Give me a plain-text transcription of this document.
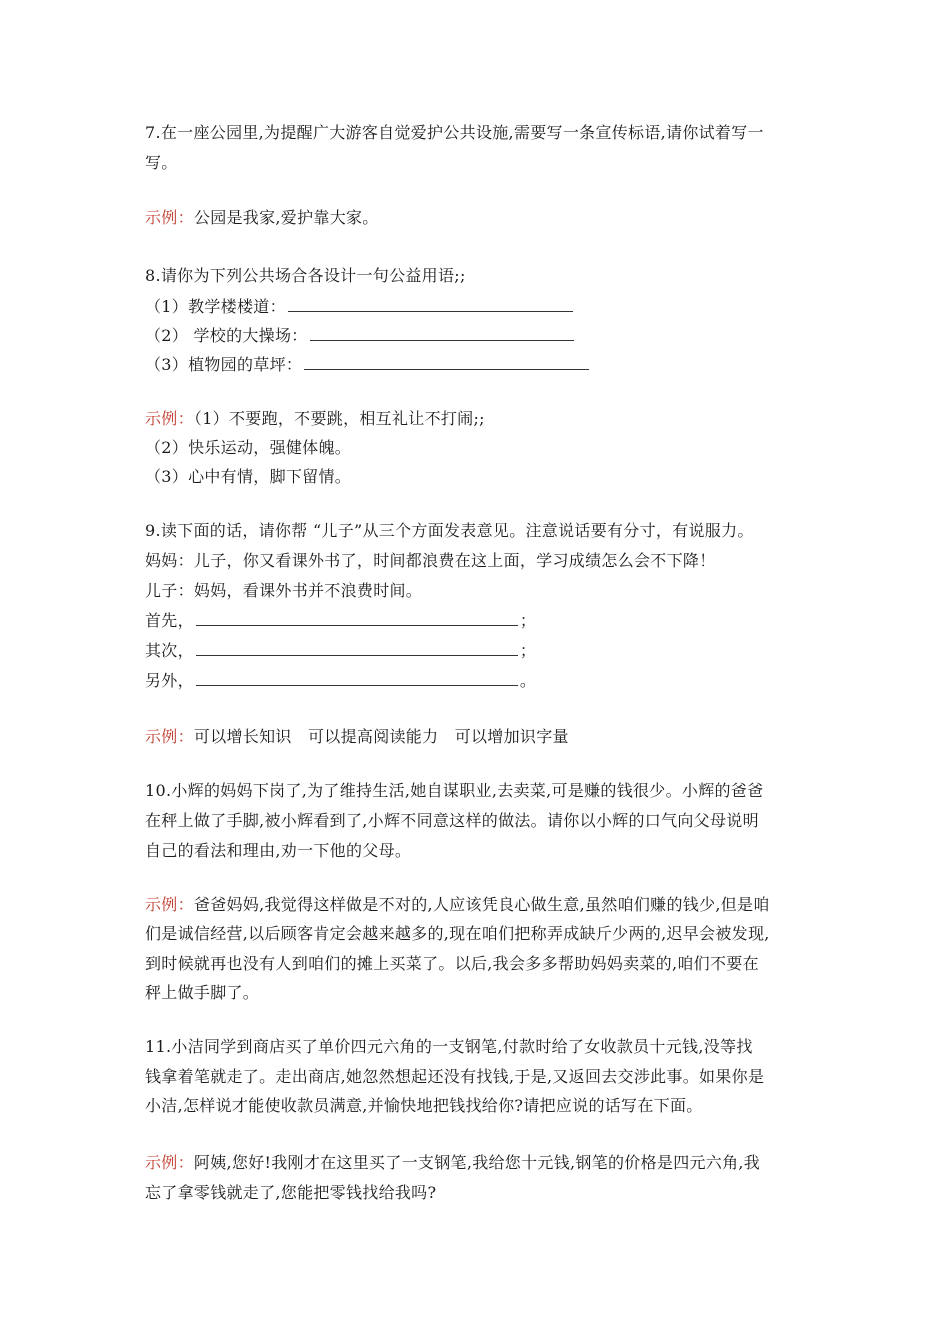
7.在一座公园里,为提醒广大游客自觉爱护公共设施,需要写一条宣传标语,请你试着写一
写。
示例：公园是我家,爱护靠大家。
8.请你为下列公共场合各设计一句公益用语;;
（1）教学楼楼道：
（2） 学校的大操场：
（3）植物园的草坪：
示例：（1）不要跑，不要跳，相互礼让不打闹;;
（2）快乐运动，强健体魄。
（3）心中有情，脚下留情。
9.读下面的话，请你帮 “儿子”从三个方面发表意见。注意说话要有分寸，有说服力。
妈妈：儿子，你又看课外书了，时间都浪费在这上面，学习成绩怎么会不下降！
儿子：妈妈，看课外书并不浪费时间。
首先，	；
其次，	；
另外，	。
示例：可以增长知识　可以提高阅读能力　可以增加识字量
10.小辉的妈妈下岗了,为了维持生活,她自谋职业,去卖菜,可是赚的钱很少。小辉的爸爸
在秤上做了手脚,被小辉看到了,小辉不同意这样的做法。请你以小辉的口气向父母说明
自己的看法和理由,劝一下他的父母。
示例：爸爸妈妈,我觉得这样做是不对的,人应该凭良心做生意,虽然咱们赚的钱少,但是咱
们是诚信经营,以后顾客肯定会越来越多的,现在咱们把称弄成缺斤少两的,迟早会被发现,
到时候就再也没有人到咱们的摊上买菜了。以后,我会多多帮助妈妈卖菜的,咱们不要在
秤上做手脚了。
11.小洁同学到商店买了单价四元六角的一支钢笔,付款时给了女收款员十元钱,没等找
钱拿着笔就走了。走出商店,她忽然想起还没有找钱,于是,又返回去交涉此事。如果你是
小洁,怎样说才能使收款员满意,并愉快地把钱找给你?请把应说的话写在下面。
示例：阿姨,您好!我刚才在这里买了一支钢笔,我给您十元钱,钢笔的价格是四元六角,我
忘了拿零钱就走了,您能把零钱找给我吗?
